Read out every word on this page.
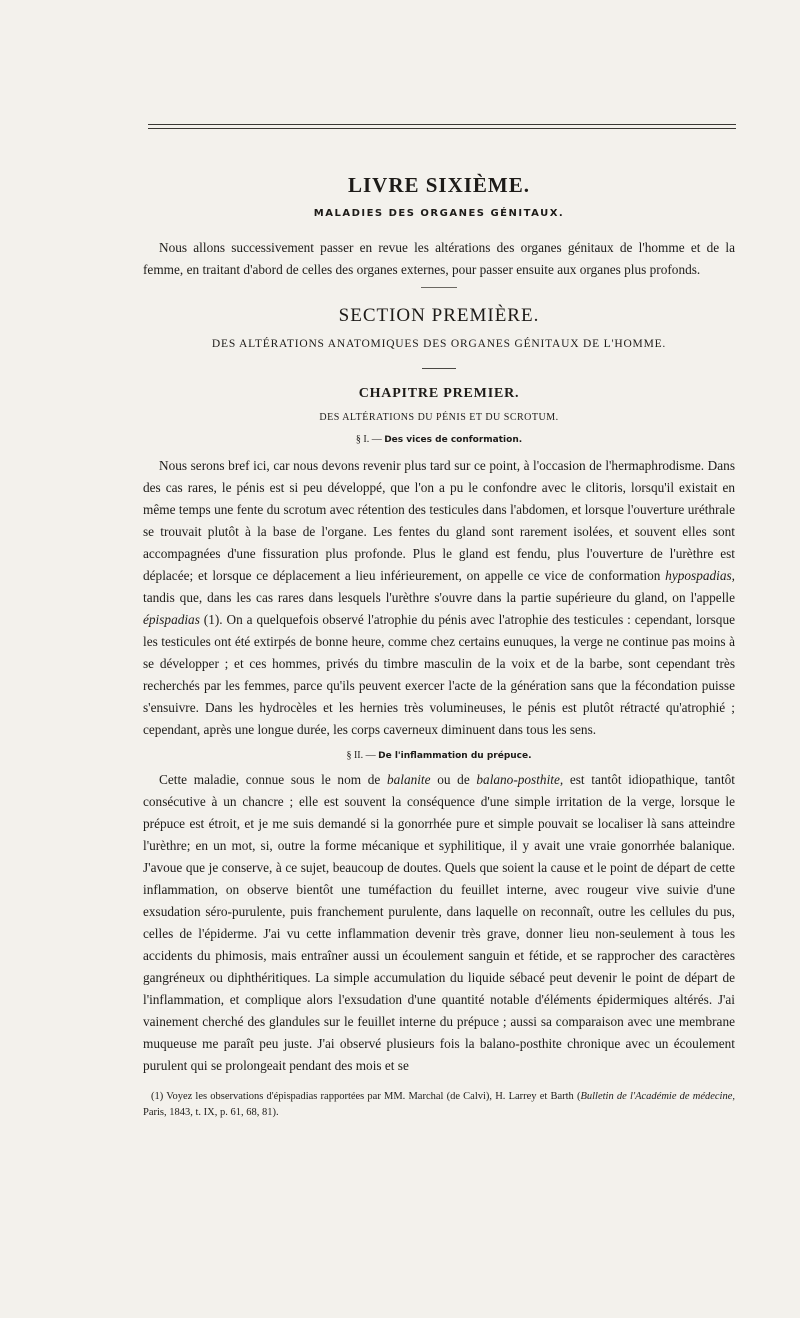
LIVRE SIXIÈME.
MALADIES DES ORGANES GÉNITAUX.

Nous allons successivement passer en revue les altérations des organes génitaux de l'homme et de la femme, en traitant d'abord de celles des organes externes, pour passer ensuite aux organes plus profonds.

SECTION PREMIÈRE.
DES ALTÉRATIONS ANATOMIQUES DES ORGANES GÉNITAUX DE L'HOMME.
CHAPITRE PREMIER.
DES ALTÉRATIONS DU PÉNIS ET DU SCROTUM.
§ I. — Des vices de conformation.

Nous serons bref ici, car nous devons revenir plus tard sur ce point, à l'occasion de l'hermaphrodisme. Dans des cas rares, le pénis est si peu développé, que l'on a pu le confondre avec le clitoris, lorsqu'il existait en même temps une fente du scrotum avec rétention des testicules dans l'abdomen, et lorsque l'ouverture uréthrale se trouvait plutôt à la base de l'organe. Les fentes du gland sont rarement isolées, et souvent elles sont accompagnées d'une fissuration plus profonde. Plus le gland est fendu, plus l'ouverture de l'urèthre est déplacée; et lorsque ce déplacement a lieu inférieurement, on appelle ce vice de conformation hypospadias, tandis que, dans les cas rares dans lesquels l'urèthre s'ouvre dans la partie supérieure du gland, on l'appelle épispadias (1). On a quelquefois observé l'atrophie du pénis avec l'atrophie des testicules : cependant, lorsque les testicules ont été extirpés de bonne heure, comme chez certains eunuques, la verge ne continue pas moins à se développer ; et ces hommes, privés du timbre masculin de la voix et de la barbe, sont cependant très recherchés par les femmes, parce qu'ils peuvent exercer l'acte de la génération sans que la fécondation puisse s'ensuivre. Dans les hydrocèles et les hernies très volumineuses, le pénis est plutôt rétracté qu'atrophié ; cependant, après une longue durée, les corps caverneux diminuent dans tous les sens.

§ II. — De l'inflammation du prépuce.

Cette maladie, connue sous le nom de balanite ou de balano-posthite, est tantôt idiopathique, tantôt consécutive à un chancre ; elle est souvent la conséquence d'une simple irritation de la verge, lorsque le prépuce est étroit, et je me suis demandé si la gonorrhée pure et simple pouvait se localiser là sans atteindre l'urèthre; en un mot, si, outre la forme mécanique et syphilitique, il y avait une vraie gonorrhée balanique. J'avoue que je conserve, à ce sujet, beaucoup de doutes. Quels que soient la cause et le point de départ de cette inflammation, on observe bientôt une tuméfaction du feuillet interne, avec rougeur vive suivie d'une exsudation séro-purulente, puis franchement purulente, dans laquelle on reconnaît, outre les cellules du pus, celles de l'épiderme. J'ai vu cette inflammation devenir très grave, donner lieu non-seulement à tous les accidents du phimosis, mais entraîner aussi un écoulement sanguin et fétide, et se rapprocher des caractères gangréneux ou diphthéritiques. La simple accumulation du liquide sébacé peut devenir le point de départ de l'inflammation, et complique alors l'exsudation d'une quantité notable d'éléments épidermiques altérés. J'ai vainement cherché des glandules sur le feuillet interne du prépuce ; aussi sa comparaison avec une membrane muqueuse me paraît peu juste. J'ai observé plusieurs fois la balano-posthite chronique avec un écoulement purulent qui se prolongeait pendant des mois et se

(1) Voyez les observations d'épispadias rapportées par MM. Marchal (de Calvi), H. Larrey et Barth (Bulletin de l'Académie de médecine, Paris, 1843, t. IX, p. 61, 68, 81).
